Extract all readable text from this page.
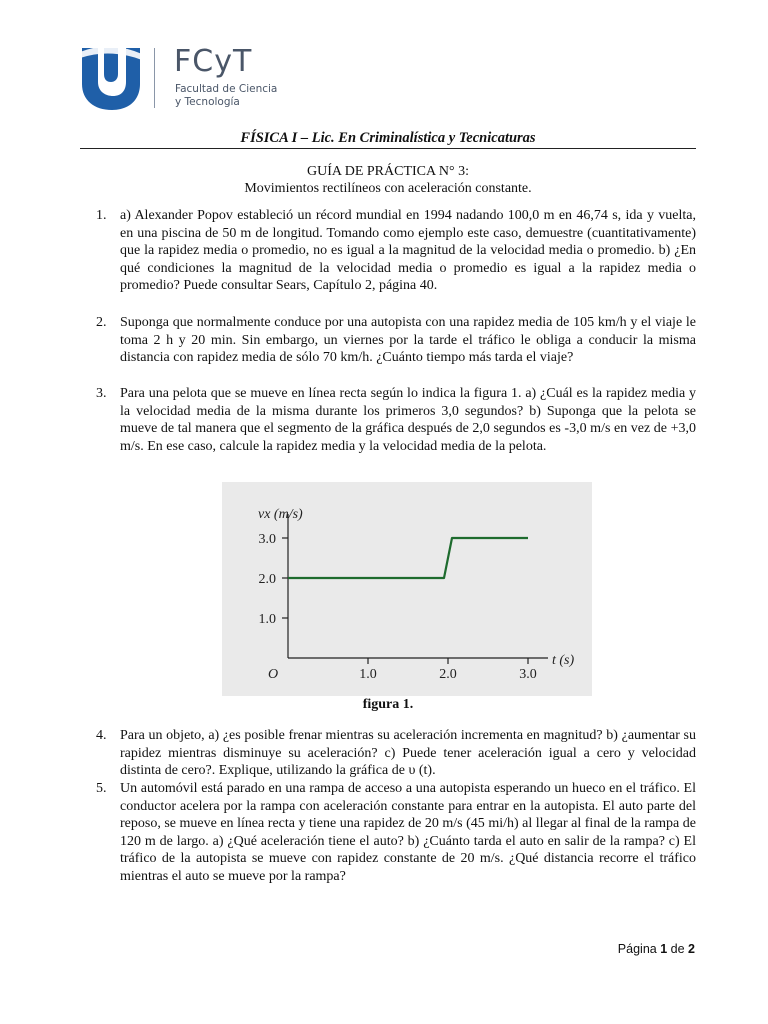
FCyT
Facultad de Ciencia
y Tecnología
FÍSICA I – Lic. En Criminalística y Tecnicaturas
GUÍA DE PRÁCTICA N° 3:
Movimientos rectilíneos con aceleración constante.
1. a) Alexander Popov estableció un récord mundial en 1994 nadando 100,0 m en 46,74 s, ida y vuelta, en una piscina de 50 m de longitud. Tomando como ejemplo este caso, demuestre (cuantitativamente) que la rapidez media o promedio, no es igual a la magnitud de la velocidad media o promedio. b) ¿En qué condiciones la magnitud de la velocidad media o promedio es igual a la rapidez media o promedio? Puede consultar Sears, Capítulo 2, página 40.
2. Suponga que normalmente conduce por una autopista con una rapidez media de 105 km/h y el viaje le toma 2 h y 20 min. Sin embargo, un viernes por la tarde el tráfico le obliga a conducir la misma distancia con rapidez media de sólo 70 km/h. ¿Cuánto tiempo más tarda el viaje?
3. Para una pelota que se mueve en línea recta según lo indica la figura 1. a) ¿Cuál es la rapidez media y la velocidad media de la misma durante los primeros 3,0 segundos? b) Suponga que la pelota se mueve de tal manera que el segmento de la gráfica después de 2,0 segundos es -3,0 m/s en vez de +3,0 m/s. En ese caso, calcule la rapidez media y la velocidad media de la pelota.
1.0
2.0
3.0
1.0	2.0	3.0
O
vx (m/s)
t (s)
figura 1.
4. Para un objeto, a) ¿es posible frenar mientras su aceleración incrementa en magnitud? b) ¿aumentar su rapidez mientras disminuye su aceleración? c) Puede tener aceleración igual a cero y velocidad distinta de cero?. Explique, utilizando la gráfica de υ (t).
5. Un automóvil está parado en una rampa de acceso a una autopista esperando un hueco en el tráfico. El conductor acelera por la rampa con aceleración constante para entrar en la autopista. El auto parte del reposo, se mueve en línea recta y tiene una rapidez de 20 m/s (45 mi/h) al llegar al final de la rampa de 120 m de largo. a) ¿Qué aceleración tiene el auto? b) ¿Cuánto tarda el auto en salir de la rampa? c) El tráfico de la autopista se mueve con rapidez constante de 20 m/s. ¿Qué distancia recorre el tráfico mientras el auto se mueve por la rampa?
Página 1 de 2
